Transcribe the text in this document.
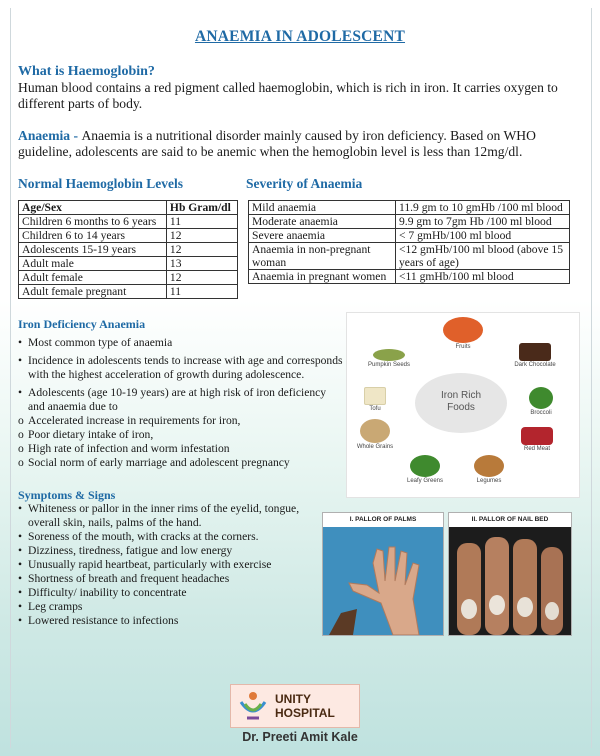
ANAEMIA IN ADOLESCENT
What is Haemoglobin?
Human blood contains a red pigment called haemoglobin, which is rich in iron. It carries oxygen to different parts of body.
Anaemia - Anaemia is a nutritional disorder mainly caused by iron deficiency. Based on WHO guideline, adolescents are said to be anemic when the hemoglobin level is less than 12mg/dl.
Normal Haemoglobin Levels
Age/Sex	Hb Gram/dl
Children 6 months to 6 years	11
Children 6 to 14 years	12
Adolescents 15-19 years	12
Adult male	13
Adult female	12
Adult female pregnant	11
Severity of Anaemia
Mild anaemia	11.9 gm to 10 gmHb /100 ml blood
Moderate anaemia	9.9 gm to 7gm Hb /100 ml blood
Severe anaemia	< 7 gmHb/100 ml blood
Anaemia in non-pregnant woman	<12 gmHb/100 ml blood (above 15 years of age)
Anaemia in pregnant women	<11 gmHb/100 ml blood
Iron Deficiency Anaemia
• Most common type of anaemia
• Incidence in adolescents tends to increase with age and corresponds with the highest acceleration of growth during adolescence.
• Adolescents (age 10-19 years) are at high risk of iron deficiency and anaemia due to
o Accelerated increase in requirements for iron,
o Poor dietary intake of iron,
o High rate of infection and worm infestation
o Social norm of early marriage and adolescent pregnancy
Iron Rich Foods
Fruits
Dark Chocolate
Broccoli
Red Meat
Legumes
Leafy Greens
Whole Grains
Tofu
Pumpkin Seeds
Symptoms & Signs
• Whiteness or pallor in the inner rims of the eyelid, tongue, overall skin, nails, palms of the hand.
• Soreness of the mouth, with cracks at the corners.
• Dizziness, tiredness, fatigue and low energy
• Unusually rapid heartbeat, particularly with exercise
• Shortness of breath and frequent headaches
• Difficulty/ inability to concentrate
• Leg cramps
• Lowered resistance to infections
I. PALLOR OF PALMS	II. PALLOR OF NAIL BED
UNITY
HOSPITAL
Dr. Preeti Amit Kale
